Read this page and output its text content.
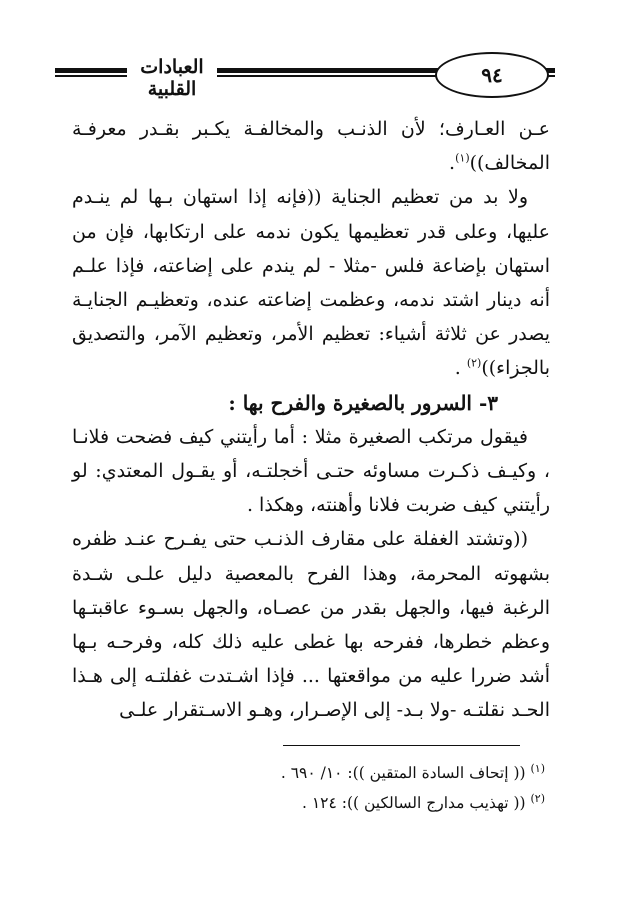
العبادات القلبية
٩٤

عـن العـارف؛ لأن الذنـب والمخالفـة يكـبر بقـدر معرفـة المخالف))$^{(١)}$.

ولا بد من تعظيم الجناية ((فإنه إذا استهان بـها لم ينـدم عليها، وعلى قدر تعظيمها يكون ندمه على ارتكابها، فإن من استهان بإضاعة فلس -مثلا - لم يندم على إضاعته، فإذا علـم أنه دينار اشتد ندمه، وعظمت إضاعته عنده، وتعظيـم الجنايـة يصدر عن ثلاثة أشياء: تعظيم الأمر، وتعظيم الآمر، والتصديق بالجزاء))$^{(٢)}$ .

٣- السرور بالصغيرة والفرح بها :

فيقول مرتكب الصغيرة مثلا : أما رأيتني كيف فضحت فلانـا ، وكيـف ذكـرت مساوئه حتـى أخجلتـه، أو يقـول المعتدي: لو رأيتني كيف ضربت فلانا وأهنته، وهكذا .

((وتشتد الغفلة على مقارف الذنـب حتى يفـرح عنـد ظفره بشهوته المحرمة، وهذا الفرح بالمعصية دليل علـى شـدة الرغبة فيها، والجهل بقدر من عصـاه، والجهل بسـوء عاقبتـها وعظم خطرها، ففرحه بها غطى عليه ذلك كله، وفرحـه بـها أشد ضررا عليه من مواقعتها ... فإذا اشـتدت غفلتـه إلى هـذا الحـد نقلتـه -ولا بـد- إلى الإصـرار، وهـو الاسـتقرار علـى

$^{(١)}$ (( إتحاف السادة المتقين )): ١٠/ ٦٩٠ .
$^{(٢)}$ (( تهذيب مدارج السالكين )): ١٢٤ .
